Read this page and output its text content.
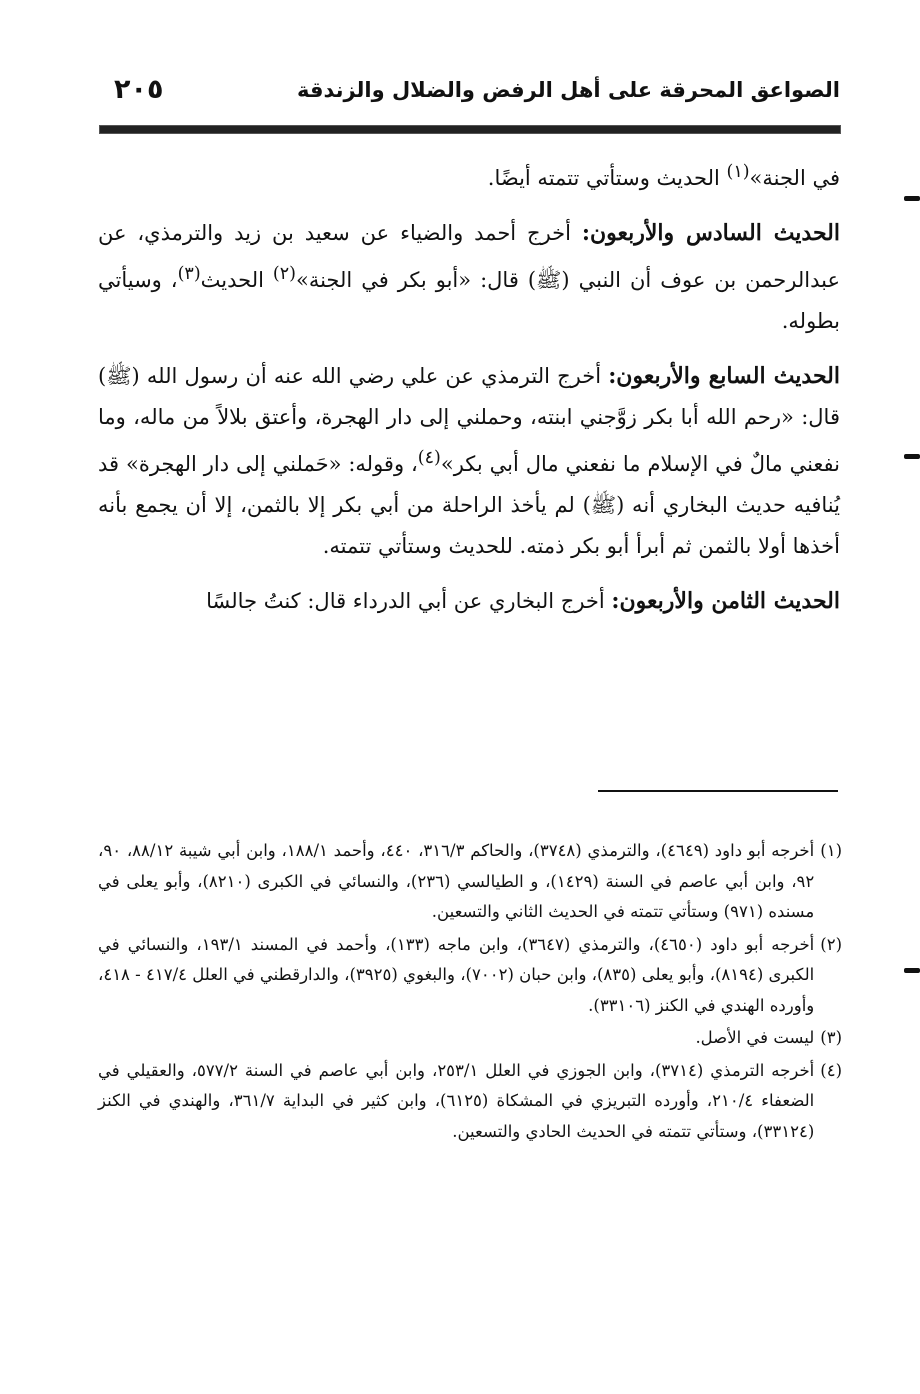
الصواعق المحرقة على أهل الرفض والضلال والزندقة
٢٠٥

في الجنة»$^{(١)}$ الحديث وستأتي تتمته أيضًا.

الحديث السادس والأربعون: أخرج أحمد والضياء عن سعيد بن زيد والترمذي، عن عبدالرحمن بن عوف أن النبي (ﷺ) قال: «أبو بكر في الجنة»$^{(٢)}$ الحديث$^{(٣)}$، وسيأتي بطوله.

الحديث السابع والأربعون: أخرج الترمذي عن علي رضي الله عنه أن رسول الله (ﷺ) قال: «رحم الله أبا بكر زوَّجني ابنته، وحملني إلى دار الهجرة، وأعتق بلالاً من ماله، وما نفعني مالٌ في الإسلام ما نفعني مال أبي بكر»$^{(٤)}$، وقوله: «حَملني إلى دار الهجرة» قد يُنافيه حديث البخاري أنه (ﷺ) لم يأخذ الراحلة من أبي بكر إلا بالثمن، إلا أن يجمع بأنه أخذها أولا بالثمن ثم أبرأ أبو بكر ذمته. للحديث وستأتي تتمته.

الحديث الثامن والأربعون: أخرج البخاري عن أبي الدرداء قال: كنتُ جالسًا

(١)
أخرجه أبو داود (٤٦٤٩)، والترمذي (٣٧٤٨)، والحاكم ٣١٦/٣، ٤٤٠، وأحمد ١٨٨/١، وابن أبي شيبة ٨٨/١٢، ٩٠، ٩٢، وابن أبي عاصم في السنة (١٤٢٩)، و الطيالسي (٢٣٦)، والنسائي في الكبرى (٨٢١٠)، وأبو يعلى في مسنده (٩٧١) وستأتي تتمته في الحديث الثاني والتسعين.
(٢)
أخرجه أبو داود (٤٦٥٠)، والترمذي (٣٦٤٧)، وابن ماجه (١٣٣)، وأحمد في المسند ١٩٣/١، والنسائي في الكبرى (٨١٩٤)، وأبو يعلى (٨٣٥)، وابن حبان (٧٠٠٢)، والبغوي (٣٩٢٥)، والدارقطني في العلل ٤١٧/٤ - ٤١٨، وأورده الهندي في الكنز (٣٣١٠٦).
(٣)
ليست في الأصل.
(٤)
أخرجه الترمذي (٣٧١٤)، وابن الجوزي في العلل ٢٥٣/١، وابن أبي عاصم في السنة ٥٧٧/٢، والعقيلي في الضعفاء ٢١٠/٤، وأورده التبريزي في المشكاة (٦١٢٥)، وابن كثير في البداية ٣٦١/٧، والهندي في الكنز (٣٣١٢٤)، وستأتي تتمته في الحديث الحادي والتسعين.
